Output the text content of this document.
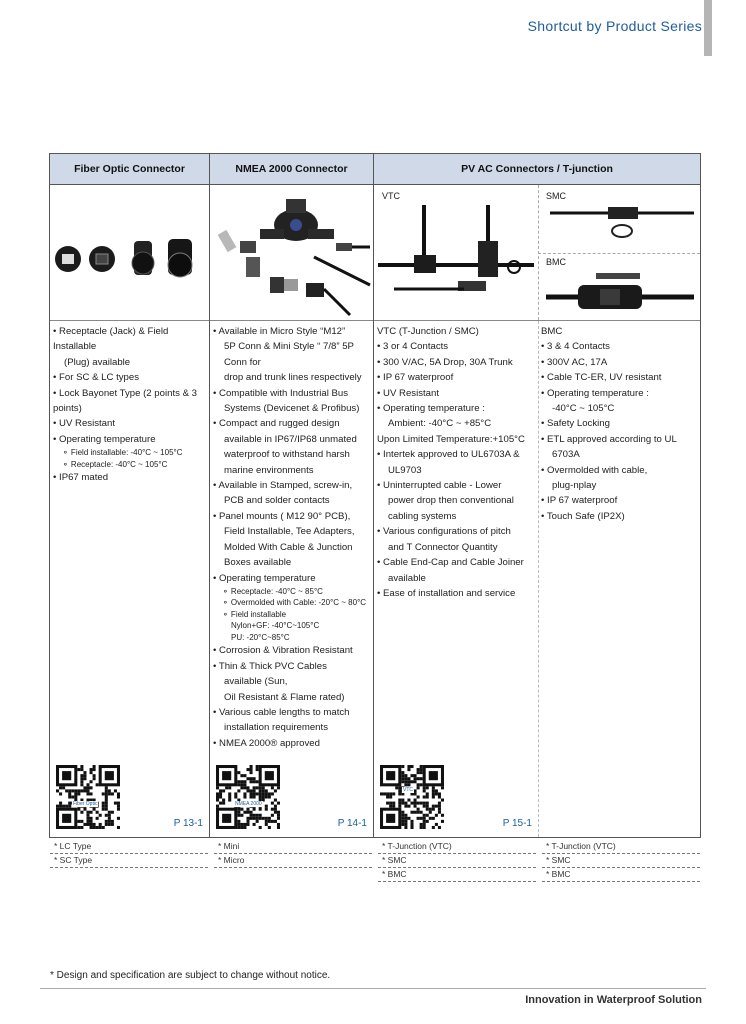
Shortcut by Product Series
Fiber Optic Connector
• Receptacle (Jack) & Field Installable
(Plug) available
• For SC & LC types
• Lock Bayonet Type (2 points & 3 points)
• UV Resistant
• Operating temperature
⚬ Field installable: -40°C ~ 105°C
⚬ Receptacle: -40°C ~ 105°C
• IP67 mated
Fiber Optic
P 13-1
NMEA 2000 Connector
• Available in Micro Style “M12”
5P Conn & Mini Style “ 7/8” 5P
Conn for
drop and trunk lines respectively
• Compatible with Industrial Bus
Systems (Devicenet & Profibus)
• Compact and rugged design
available in IP67/IP68 unmated
waterproof to withstand harsh
marine environments
• Available in Stamped, screw-in,
PCB and solder contacts
• Panel mounts ( M12 90° PCB),
Field Installable, Tee Adapters,
Molded With Cable & Junction
Boxes available
• Operating temperature
⚬ Receptacle: -40°C ~ 85°C
⚬ Overmolded with Cable: -20°C ~ 80°C
⚬ Field installable
Nylon+GF: -40°C~105°C
PU: -20°C~85°C
• Corrosion & Vibration Resistant
• Thin & Thick PVC Cables
available (Sun,
Oil Resistant & Flame rated)
• Various cable lengths to match
installation requirements
• NMEA 2000® approved
NMEA 2000
P 14-1
PV AC Connectors / T-junction
VTC	SMC
BMC
VTC (T-Junction / SMC)
• 3 or 4 Contacts
• 300 V/AC, 5A Drop, 30A Trunk
• IP 67 waterproof
• UV Resistant
• Operating temperature :
Ambient: -40°C ~ +85°C
Upon Limited Temperature:+105°C
• Intertek approved to UL6703A &
UL9703
• Uninterrupted cable - Lower
power drop then conventional
cabling systems
• Various configurations of pitch
and T Connector Quantity
• Cable End-Cap and Cable Joiner
available
• Ease of installation and service
BMC
• 3 & 4 Contacts
• 300V AC, 17A
• Cable TC-ER, UV resistant
• Operating temperature :
-40°C ~ 105°C
• Safety Locking
• ETL approved according to UL
6703A
• Overmolded with cable,
plug-nplay
• IP 67 waterproof
• Touch Safe (IP2X)
VTC
P 15-1
* LC Type
* SC Type
* Mini
* Micro
* T-Junction (VTC)
* SMC
* BMC
* T-Junction (VTC)
* SMC
* BMC
* Design and specification are subject to change without notice.
Innovation in Waterproof Solution
